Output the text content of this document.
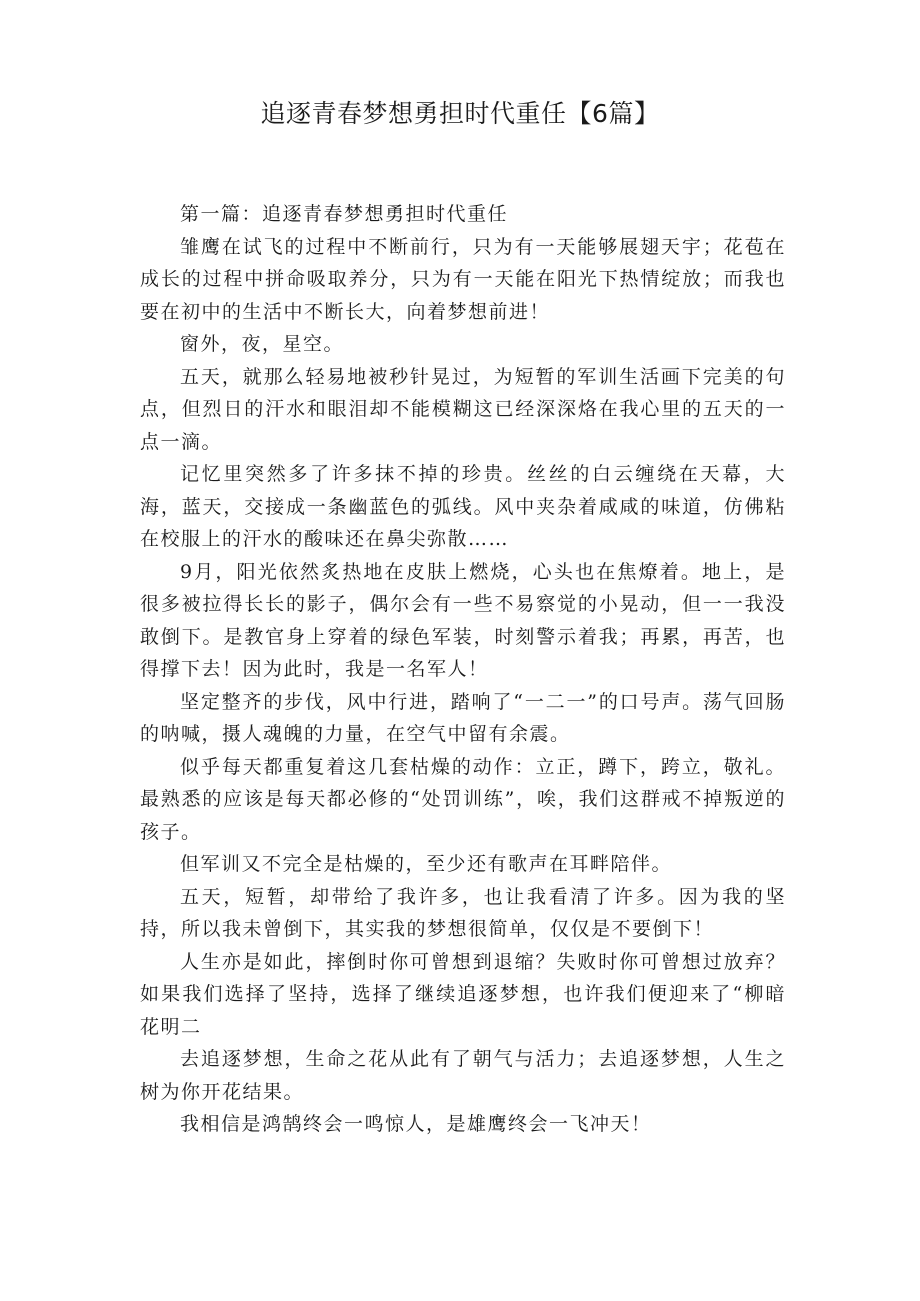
追逐青春梦想勇担时代重任【6篇】

第一篇：追逐青春梦想勇担时代重任

雏鹰在试飞的过程中不断前行，只为有一天能够展翅天宇；花苞在成长的过程中拼命吸取养分，只为有一天能在阳光下热情绽放；而我也要在初中的生活中不断长大，向着梦想前进！

窗外，夜，星空。

五天，就那么轻易地被秒针晃过，为短暂的军训生活画下完美的句点，但烈日的汗水和眼泪却不能模糊这已经深深烙在我心里的五天的一点一滴。

记忆里突然多了许多抹不掉的珍贵。丝丝的白云缠绕在天幕，大海，蓝天，交接成一条幽蓝色的弧线。风中夹杂着咸咸的味道，仿佛粘在校服上的汗水的酸味还在鼻尖弥散……

9月，阳光依然炙热地在皮肤上燃烧，心头也在焦燎着。地上，是很多被拉得长长的影子，偶尔会有一些不易察觉的小晃动，但一一我没敢倒下。是教官身上穿着的绿色军装，时刻警示着我；再累，再苦，也得撑下去！因为此时，我是一名军人！

坚定整齐的步伐，风中行进，踏响了“一二一”的口号声。荡气回肠的呐喊，摄人魂魄的力量，在空气中留有余震。

似乎每天都重复着这几套枯燥的动作：立正，蹲下，跨立，敬礼。最熟悉的应该是每天都必修的“处罚训练”，唉，我们这群戒不掉叛逆的孩子。

但军训又不完全是枯燥的，至少还有歌声在耳畔陪伴。

五天，短暂，却带给了我许多，也让我看清了许多。因为我的坚持，所以我未曾倒下，其实我的梦想很简单，仅仅是不要倒下！

人生亦是如此，摔倒时你可曾想到退缩？失败时你可曾想过放弃？如果我们选择了坚持，选择了继续追逐梦想，也许我们便迎来了“柳暗花明二

去追逐梦想，生命之花从此有了朝气与活力；去追逐梦想，人生之树为你开花结果。

我相信是鸿鹄终会一鸣惊人，是雄鹰终会一飞冲天！
